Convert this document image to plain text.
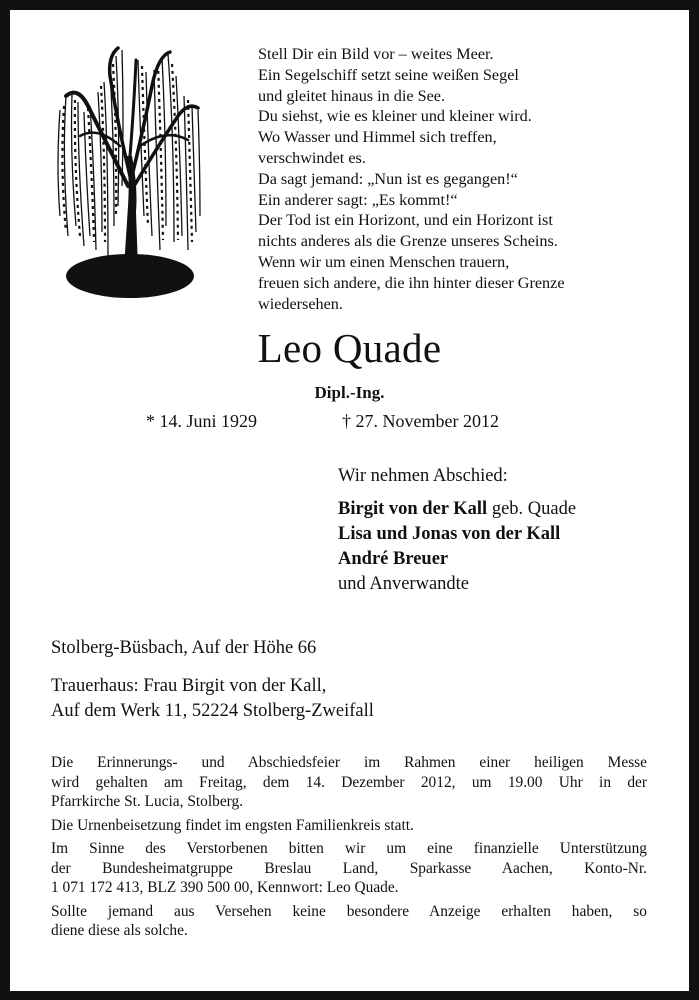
Stell Dir ein Bild vor – weites Meer.
Ein Segelschiff setzt seine weißen Segel
und gleitet hinaus in die See.
Du siehst, wie es kleiner und kleiner wird.
Wo Wasser und Himmel sich treffen,
verschwindet es.
Da sagt jemand: „Nun ist es gegangen!“
Ein anderer sagt: „Es kommt!“
Der Tod ist ein Horizont, und ein Horizont ist
nichts anderes als die Grenze unseres Scheins.
Wenn wir um einen Menschen trauern,
freuen sich andere, die ihn hinter dieser Grenze
wiedersehen.
Leo Quade
Dipl.-Ing.
* 14. Juni 1929	† 27. November 2012
Wir nehmen Abschied:
Birgit von der Kall geb. Quade
Lisa und Jonas von der Kall
André Breuer
und Anverwandte
Stolberg-Büsbach, Auf der Höhe 66
Trauerhaus: Frau Birgit von der Kall,
Auf dem Werk 11, 52224 Stolberg-Zweifall

Die Erinnerungs- und Abschiedsfeier im Rahmen einer heiligen Messe
wird gehalten am Freitag, dem 14. Dezember 2012, um 19.00 Uhr in der
Pfarrkirche St. Lucia, Stolberg.

Die Urnenbeisetzung findet im engsten Familienkreis statt.

Im Sinne des Verstorbenen bitten wir um eine finanzielle Unterstützung
der Bundesheimatgruppe Breslau Land, Sparkasse Aachen, Konto-Nr.
1 071 172 413, BLZ 390 500 00, Kennwort: Leo Quade.

Sollte jemand aus Versehen keine besondere Anzeige erhalten haben, so
diene diese als solche.
